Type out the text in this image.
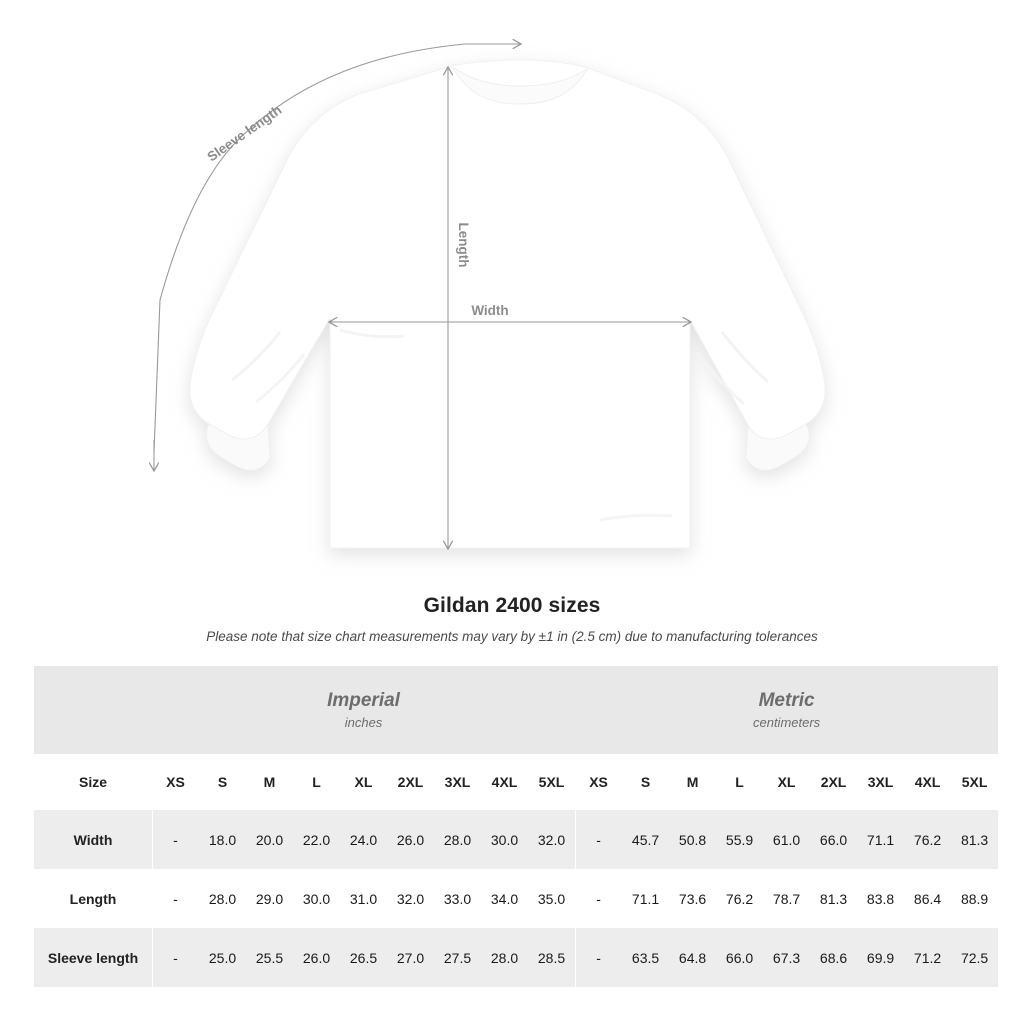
Sleeve length
Length
Width
Gildan 2400 sizes
Please note that size chart measurements may vary by ±1 in (2.5 cm) due to manufacturing tolerances

	Imperial
inches									Metric
centimeters								

Size	XS	S	M	L	XL	2XL	3XL	4XL	5XL	XS	S	M	L	XL	2XL	3XL	4XL	5XL
Width	-	18.0	20.0	22.0	24.0	26.0	28.0	30.0	32.0	-	45.7	50.8	55.9	61.0	66.0	71.1	76.2	81.3
Length	-	28.0	29.0	30.0	31.0	32.0	33.0	34.0	35.0	-	71.1	73.6	76.2	78.7	81.3	83.8	86.4	88.9
Sleeve length	-	25.0	25.5	26.0	26.5	27.0	27.5	28.0	28.5	-	63.5	64.8	66.0	67.3	68.6	69.9	71.2	72.5
